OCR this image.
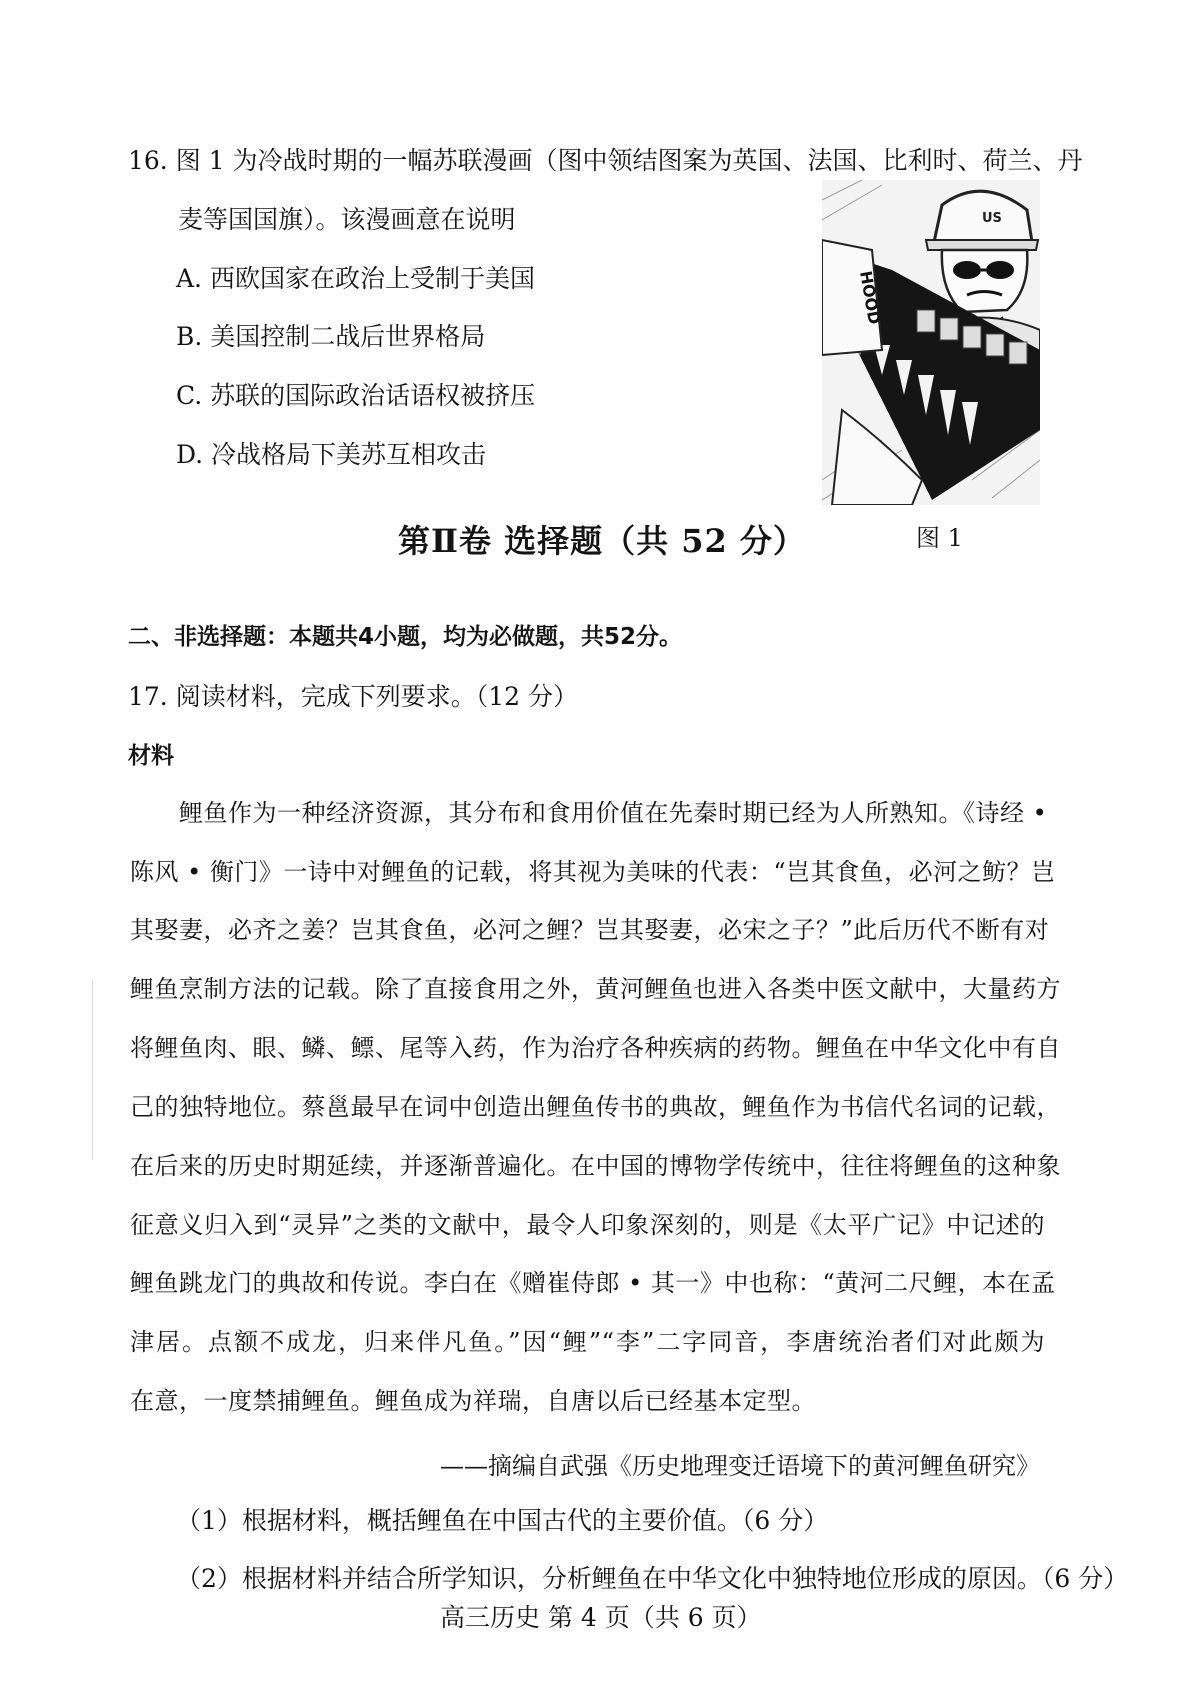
16. 图 1 为冷战时期的一幅苏联漫画（图中领结图案为英国、法国、比利时、荷兰、丹
麦等国国旗）。该漫画意在说明
A. 西欧国家在政治上受制于美国
B. 美国控制二战后世界格局
C. 苏联的国际政治话语权被挤压
D. 冷战格局下美苏互相攻击
US
HOOD
图 1
第Ⅱ卷 选择题（共 52 分）
二、非选择题：本题共4小题，均为必做题，共52分。
17. 阅读材料，完成下列要求。（12 分）
材料
　　鲤鱼作为一种经济资源，其分布和食用价值在先秦时期已经为人所熟知。《诗经 •
陈风 • 衡门》一诗中对鲤鱼的记载，将其视为美味的代表：“岂其食鱼，必河之鲂？岂
其娶妻，必齐之姜？岂其食鱼，必河之鲤？岂其娶妻，必宋之子？”此后历代不断有对
鲤鱼烹制方法的记载。除了直接食用之外，黄河鲤鱼也进入各类中医文献中，大量药方
将鲤鱼肉、眼、鳞、鳔、尾等入药，作为治疗各种疾病的药物。鲤鱼在中华文化中有自
己的独特地位。蔡邕最早在词中创造出鲤鱼传书的典故，鲤鱼作为书信代名词的记载，
在后来的历史时期延续，并逐渐普遍化。在中国的博物学传统中，往往将鲤鱼的这种象
征意义归入到“灵异”之类的文献中，最令人印象深刻的，则是《太平广记》中记述的
鲤鱼跳龙门的典故和传说。李白在《赠崔侍郎 • 其一》中也称：“黄河二尺鲤，本在孟
津居。点额不成龙，归来伴凡鱼。”因“鲤”“李”二字同音，李唐统治者们对此颇为
在意，一度禁捕鲤鱼。鲤鱼成为祥瑞，自唐以后已经基本定型。
——摘编自武强《历史地理变迁语境下的黄河鲤鱼研究》
（1）根据材料，概括鲤鱼在中国古代的主要价值。（6 分）
（2）根据材料并结合所学知识，分析鲤鱼在中华文化中独特地位形成的原因。（6 分）
高三历史 第 4 页（共 6 页）
